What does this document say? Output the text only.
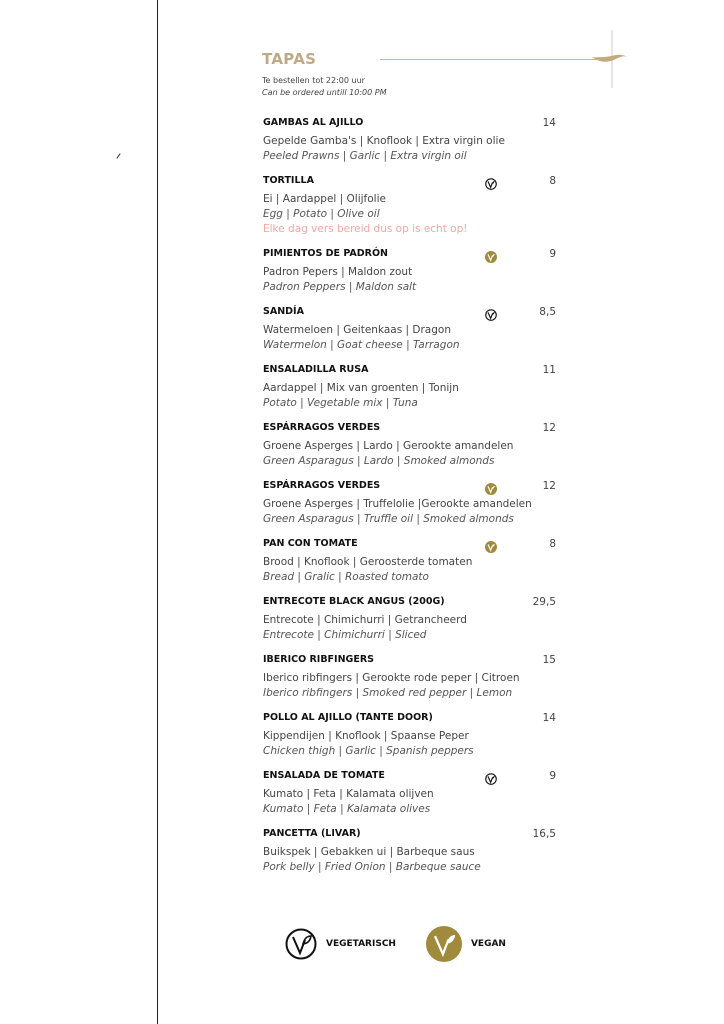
TAPAS
Te bestellen tot 22:00 uur
Can be ordered untill 10:00 PM
GAMBAS AL AJILLO	14
Gepelde Gamba's | Knoflook | Extra virgin olie
Peeled Prawns | Garlic | Extra virgin oil
TORTILLA	8
Ei | Aardappel | Olijfolie
Egg | Potato | Olive oil
Elke dag vers bereid dus op is echt op!
PIMIENTOS DE PADRÓN	9
Padron Pepers | Maldon zout
Padron Peppers | Maldon salt
SANDÍA	8,5
Watermeloen | Geitenkaas | Dragon
Watermelon | Goat cheese | Tarragon
ENSALADILLA RUSA	11
Aardappel | Mix van groenten | Tonijn
Potato | Vegetable mix | Tuna
ESPÁRRAGOS VERDES	12
Groene Asperges | Lardo | Gerookte amandelen
Green Asparagus | Lardo | Smoked almonds
ESPÁRRAGOS VERDES	12
Groene Asperges | Truffelolie |Gerookte amandelen
Green Asparagus | Truffle oil | Smoked almonds
PAN CON TOMATE	8
Brood | Knoflook | Geroosterde tomaten
Bread | Gralic | Roasted tomato
ENTRECOTE BLACK ANGUS (200G)	29,5
Entrecote | Chimichurri | Getrancheerd
Entrecote | Chimichurri | Sliced
IBERICO RIBFINGERS	15
Iberico ribfingers | Gerookte rode peper | Citroen
Iberico ribfingers | Smoked red pepper | Lemon
POLLO AL AJILLO (TANTE DOOR)	14
Kippendijen | Knoflook | Spaanse Peper
Chicken thigh | Garlic | Spanish peppers
ENSALADA DE TOMATE	9
Kumato | Feta | Kalamata olijven
Kumato | Feta | Kalamata olives
PANCETTA (LIVAR)	16,5
Buikspek | Gebakken ui | Barbeque saus
Pork belly | Fried Onion | Barbeque sauce
VEGETARISCH	VEGAN
